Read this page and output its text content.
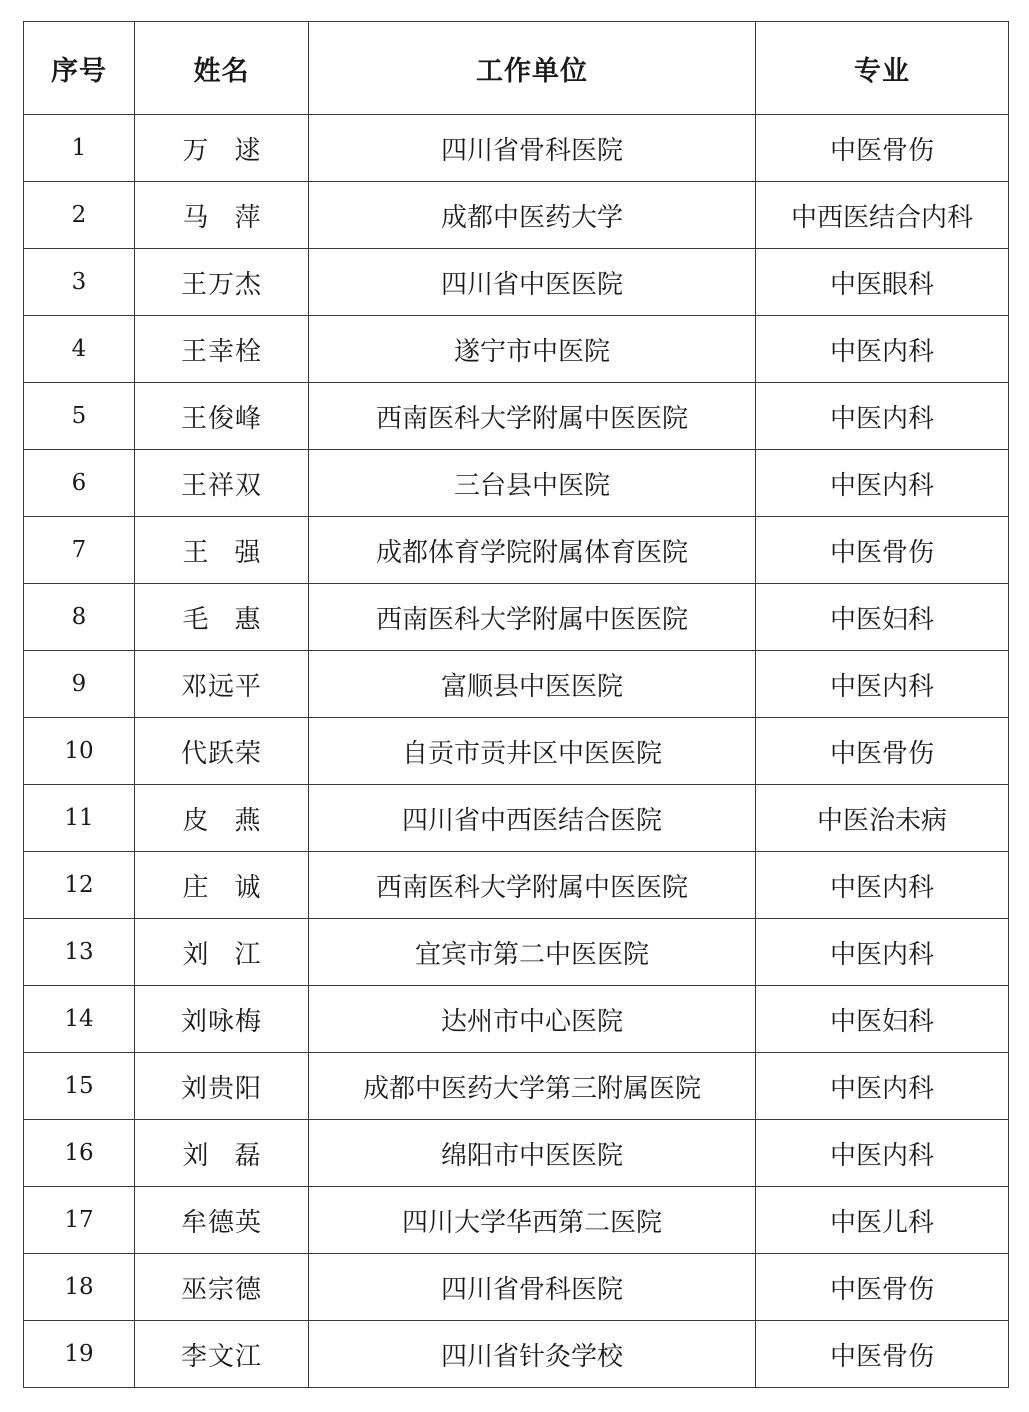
序号	姓名	工作单位	专业
1	万 逑	四川省骨科医院	中医骨伤
2	马 萍	成都中医药大学	中西医结合内科
3	王万杰	四川省中医医院	中医眼科
4	王幸栓	遂宁市中医院	中医内科
5	王俊峰	西南医科大学附属中医医院	中医内科
6	王祥双	三台县中医院	中医内科
7	王 强	成都体育学院附属体育医院	中医骨伤
8	毛 惠	西南医科大学附属中医医院	中医妇科
9	邓远平	富顺县中医医院	中医内科
10	代跃荣	自贡市贡井区中医医院	中医骨伤
11	皮 燕	四川省中西医结合医院	中医治未病
12	庄 诚	西南医科大学附属中医医院	中医内科
13	刘 江	宜宾市第二中医医院	中医内科
14	刘咏梅	达州市中心医院	中医妇科
15	刘贵阳	成都中医药大学第三附属医院	中医内科
16	刘 磊	绵阳市中医医院	中医内科
17	牟德英	四川大学华西第二医院	中医儿科
18	巫宗德	四川省骨科医院	中医骨伤
19	李文江	四川省针灸学校	中医骨伤
